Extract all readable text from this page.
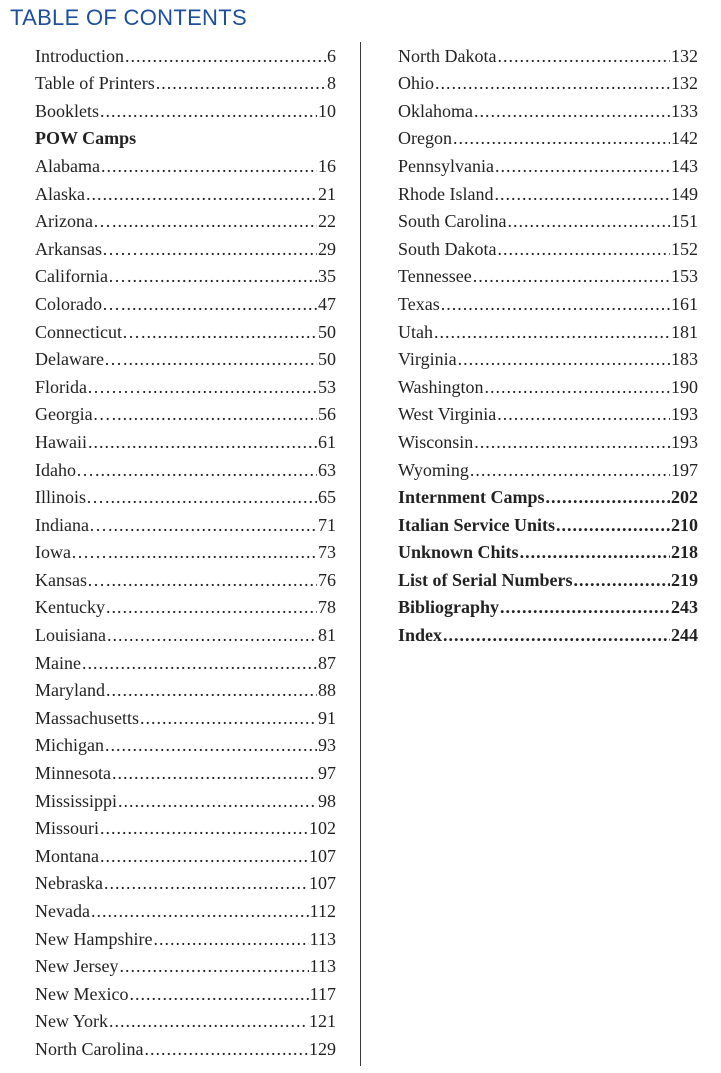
TABLE OF CONTENTS
Introduction .....	6
Table of Printers .....	8
Booklets .....	10
POW Camps
Alabama .....	16
Alaska .....	21
Arizona… .....	22
Arkansas…… .....	29
California… .....	35
Colorado… .....	47
Connecticut… .....	50
Delaware… .....	50
Florida……… .....	53
Georgia… .....	56
Hawaii .....	61
Idaho… .....	63
Illinois… .....	65
Indiana… .....	71
Iowa…… .....	73
Kansas… .....	76
Kentucky .....	78
Louisiana .....	81
Maine .....	87
Maryland .....	88
Massachusetts .....	91
Michigan .....	93
Minnesota .....	97
Mississippi .....	98
Missouri .....	102
Montana .....	107
Nebraska .....	107
Nevada .....	112
New Hampshire .....	113
New Jersey .....	113
New Mexico .....	117
New York .....	121
North Carolina .....	129
North Dakota .....	132
Ohio .....	132
Oklahoma .....	133
Oregon .....	142
Pennsylvania .....	143
Rhode Island .....	149
South Carolina .....	151
South Dakota .....	152
Tennessee .....	153
Texas .....	161
Utah .....	181
Virginia .....	183
Washington .....	190
West Virginia .....	193
Wisconsin .....	193
Wyoming .....	197
Internment Camps .....	202
Italian Service Units .....	210
Unknown Chits .....	218
List of Serial Numbers .....	219
Bibliography .....	243
Index .....	244
